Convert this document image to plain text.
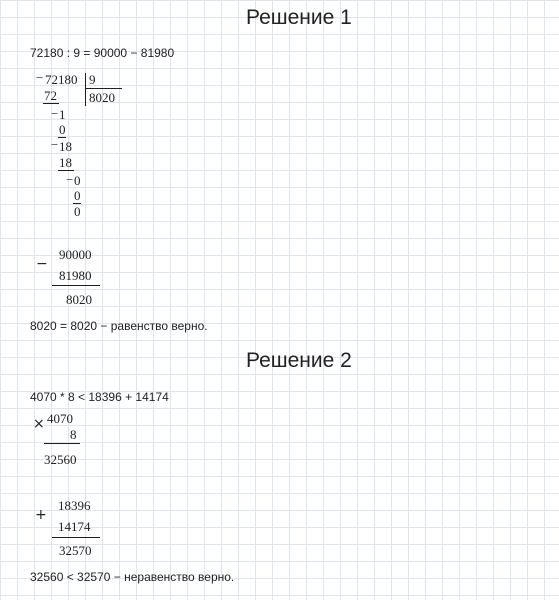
Решение 1
72180 : 9 = 90000 − 81980
− 72180 9
8020
72
− 1
0
− 18
18
− 0
0
0
−
90000
81980
8020
8020 = 8020 − равенство верно.
Решение 2
4070 * 8 < 18396 + 14174
× 4070
8
32560
+
18396
14174
32570
32560 < 32570 − неравенство верно.
